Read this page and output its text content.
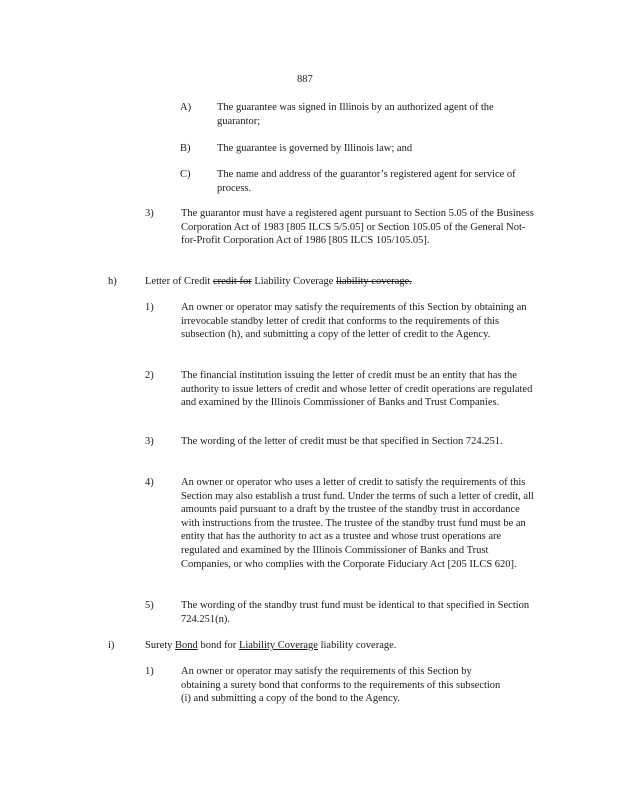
887
A) The guarantee was signed in Illinois by an authorized agent of the guarantor;
B)	The guarantee is governed by Illinois law; and
C)	The name and address of the guarantor’s registered agent for service of process.
3)	The guarantor must have a registered agent pursuant to Section 5.05 of the Business Corporation Act of 1983 [805 ILCS 5/5.05] or Section 105.05 of the General Not-for-Profit Corporation Act of 1986 [805 ILCS 105/105.05].
h)	Letter of Credit credit for Liability Coverage liability coverage.
1)	An owner or operator may satisfy the requirements of this Section by obtaining an irrevocable standby letter of credit that conforms to the requirements of this subsection (h), and submitting a copy of the letter of credit to the Agency.
2)	The financial institution issuing the letter of credit must be an entity that has the authority to issue letters of credit and whose letter of credit operations are regulated and examined by the Illinois Commissioner of Banks and Trust Companies.
3)	The wording of the letter of credit must be that specified in Section 724.251.
4)	An owner or operator who uses a letter of credit to satisfy the requirements of this Section may also establish a trust fund. Under the terms of such a letter of credit, all amounts paid pursuant to a draft by the trustee of the standby trust in accordance with instructions from the trustee. The trustee of the standby trust fund must be an entity that has the authority to act as a trustee and whose trust operations are regulated and examined by the Illinois Commissioner of Banks and Trust Companies, or who complies with the Corporate Fiduciary Act [205 ILCS 620].
5)	The wording of the standby trust fund must be identical to that specified in Section 724.251(n).
i)	Surety Bond bond for Liability Coverage liability coverage.
1)	An owner or operator may satisfy the requirements of this Section by obtaining a surety bond that conforms to the requirements of this subsection (i) and submitting a copy of the bond to the Agency.
